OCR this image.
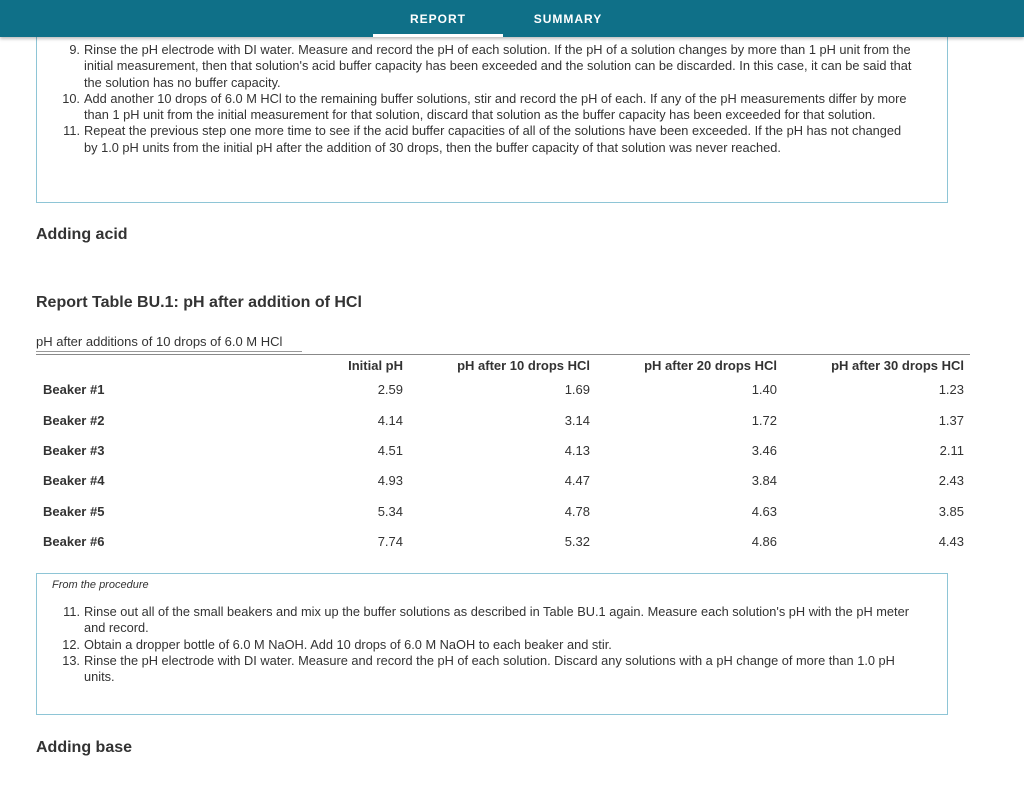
REPORT	SUMMARY
9. Rinse the pH electrode with DI water. Measure and record the pH of each solution. If the pH of a solution changes by more than 1 pH unit from the initial measurement, then that solution's acid buffer capacity has been exceeded and the solution can be discarded. In this case, it can be said that the solution has no buffer capacity.
10. Add another 10 drops of 6.0 M HCl to the remaining buffer solutions, stir and record the pH of each. If any of the pH measurements differ by more than 1 pH unit from the initial measurement for that solution, discard that solution as the buffer capacity has been exceeded for that solution.
11. Repeat the previous step one more time to see if the acid buffer capacities of all of the solutions have been exceeded. If the pH has not changed by 1.0 pH units from the initial pH after the addition of 30 drops, then the buffer capacity of that solution was never reached.
Adding acid
Report Table BU.1: pH after addition of HCl
pH after additions of 10 drops of 6.0 M HCl
Initial pH	pH after 10 drops HCl	pH after 20 drops HCl	pH after 30 drops HCl
Beaker #1	2.59	1.69	1.40	1.23
Beaker #2	4.14	3.14	1.72	1.37
Beaker #3	4.51	4.13	3.46	2.11
Beaker #4	4.93	4.47	3.84	2.43
Beaker #5	5.34	4.78	4.63	3.85
Beaker #6	7.74	5.32	4.86	4.43
From the procedure
11. Rinse out all of the small beakers and mix up the buffer solutions as described in Table BU.1 again. Measure each solution's pH with the pH meter and record.
12. Obtain a dropper bottle of 6.0 M NaOH. Add 10 drops of 6.0 M NaOH to each beaker and stir.
13. Rinse the pH electrode with DI water. Measure and record the pH of each solution. Discard any solutions with a pH change of more than 1.0 pH units.
Adding base
